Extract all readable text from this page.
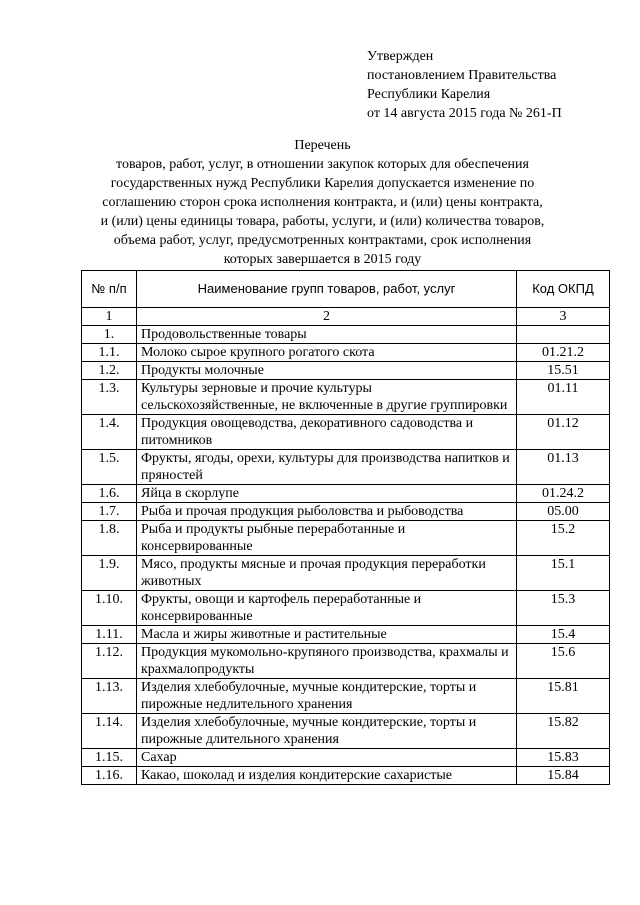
Утвержден
постановлением Правительства
Республики Карелия
от 14 августа 2015 года № 261-П
Перечень
товаров, работ, услуг, в отношении закупок которых для обеспечения государственных нужд Республики Карелия допускается изменение по соглашению сторон срока исполнения контракта, и (или) цены контракта, и (или) цены единицы товара, работы, услуги, и (или) количества товаров, объема работ, услуг, предусмотренных контрактами, срок исполнения которых завершается в 2015 году
№ п/п	Наименование групп товаров, работ, услуг	Код ОКПД
1	2	3
1.	Продовольственные товары	
1.1.	Молоко сырое крупного рогатого скота	01.21.2
1.2.	Продукты молочные	15.51
1.3.	Культуры зерновые и прочие культуры сельскохозяйственные, не включенные в другие группировки	01.11
1.4.	Продукция овощеводства, декоративного садоводства и питомников	01.12
1.5.	Фрукты, ягоды, орехи, культуры для производства напитков и пряностей	01.13
1.6.	Яйца в скорлупе	01.24.2
1.7.	Рыба и прочая продукция рыболовства и рыбоводства	05.00
1.8.	Рыба и продукты рыбные переработанные и консервированные	15.2
1.9.	Мясо, продукты мясные и прочая продукция переработки животных	15.1
1.10.	Фрукты, овощи и картофель переработанные и консервированные	15.3
1.11.	Масла и жиры животные и растительные	15.4
1.12.	Продукция мукомольно-крупяного производства, крахмалы и крахмалопродукты	15.6
1.13.	Изделия хлебобулочные, мучные кондитерские, торты и пирожные недлительного хранения	15.81
1.14.	Изделия хлебобулочные, мучные кондитерские, торты и пирожные длительного хранения	15.82
1.15.	Сахар	15.83
1.16.	Какао, шоколад и изделия кондитерские сахаристые	15.84
